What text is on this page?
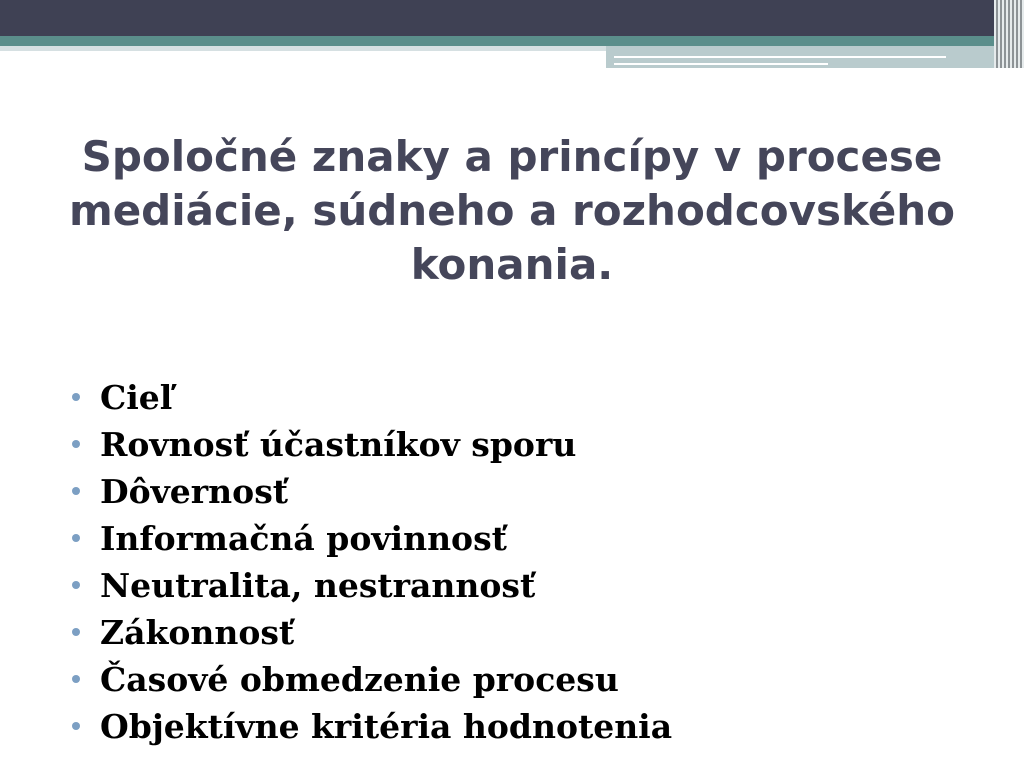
Spoločné znaky a princípy v procese mediácie, súdneho a rozhodcovského konania.
Cieľ
Rovnosť účastníkov sporu
Dôvernosť
Informačná povinnosť
Neutralita, nestrannosť
Zákonnosť
Časové obmedzenie procesu
Objektívne kritéria hodnotenia
